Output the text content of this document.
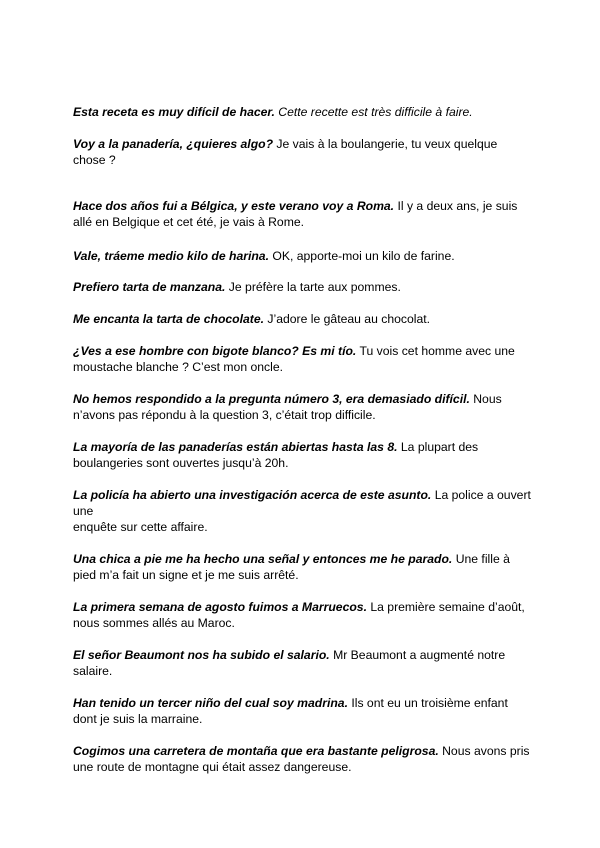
Esta receta es muy difícil de hacer. Cette recette est très difficile à faire.

Voy a la panadería, ¿quieres algo? Je vais à la boulangerie, tu veux quelque
chose ?

Hace dos años fui a Bélgica, y este verano voy a Roma. Il y a deux ans, je suis
allé en Belgique et cet été, je vais à Rome.

Vale, tráeme medio kilo de harina. OK, apporte-moi un kilo de farine.

Prefiero tarta de manzana. Je préfère la tarte aux pommes.

Me encanta la tarta de chocolate. J’adore le gâteau au chocolat.

¿Ves a ese hombre con bigote blanco? Es mi tío. Tu vois cet homme avec une
moustache blanche ? C’est mon oncle.

No hemos respondido a la pregunta número 3, era demasiado difícil. Nous
n’avons pas répondu à la question 3, c’était trop difficile.

La mayoría de las panaderías están abiertas hasta las 8. La plupart des
boulangeries sont ouvertes jusqu’à 20h.

La policía ha abierto una investigación acerca de este asunto. La police a ouvert
une
enquête sur cette affaire.

Una chica a pie me ha hecho una señal y entonces me he parado. Une fille à
pied m’a fait un signe et je me suis arrêté.

La primera semana de agosto fuimos a Marruecos. La première semaine d’août,
nous sommes allés au Maroc.

El señor Beaumont nos ha subido el salario. Mr Beaumont a augmenté notre
salaire.

Han tenido un tercer niño del cual soy madrina. Ils ont eu un troisième enfant
dont je suis la marraine.

Cogimos una carretera de montaña que era bastante peligrosa. Nous avons pris
une route de montagne qui était assez dangereuse.
